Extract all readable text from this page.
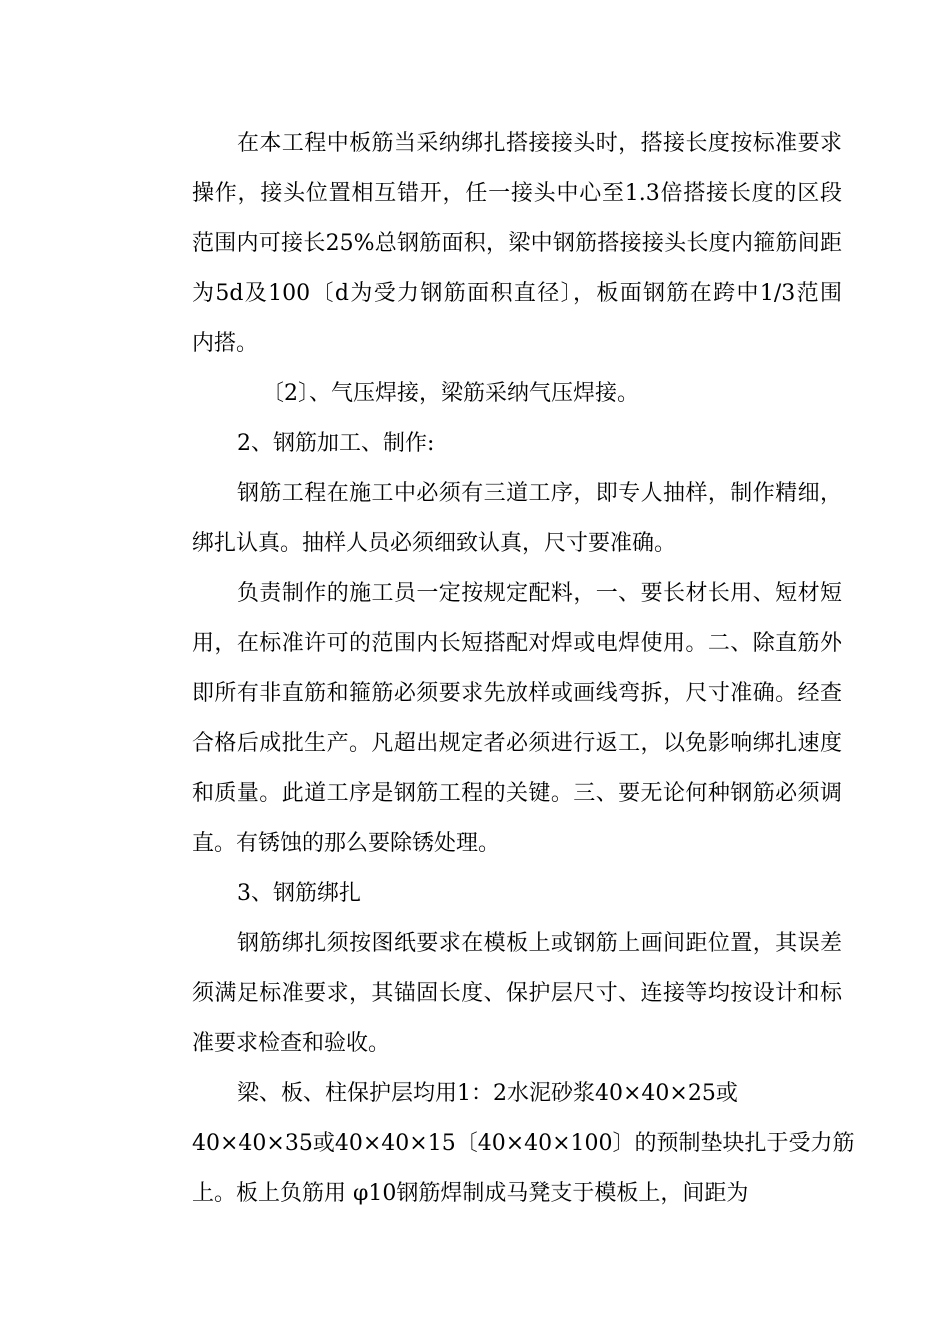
在本工程中板筋当采纳绑扎搭接接头时，搭接长度按标准要求
操作，接头位置相互错开，任一接头中心至1.3倍搭接长度的区段
范围内可接长25%总钢筋面积，梁中钢筋搭接接头长度内箍筋间距
为5d及100〔d为受力钢筋面积直径〕，板面钢筋在跨中1/3范围
内搭。
〔2〕、气压焊接，梁筋采纳气压焊接。
2、钢筋加工、制作:
钢筋工程在施工中必须有三道工序，即专人抽样，制作精细，
绑扎认真。抽样人员必须细致认真，尺寸要准确。
负责制作的施工员一定按规定配料，一、要长材长用、短材短
用，在标准许可的范围内长短搭配对焊或电焊使用。二、除直筋外
即所有非直筋和箍筋必须要求先放样或画线弯拆，尺寸准确。经查
合格后成批生产。凡超出规定者必须进行返工，以免影响绑扎速度
和质量。此道工序是钢筋工程的关键。三、要无论何种钢筋必须调
直。有锈蚀的那么要除锈处理。
3、钢筋绑扎
钢筋绑扎须按图纸要求在模板上或钢筋上画间距位置，其误差
须满足标准要求，其锚固长度、保护层尺寸、连接等均按设计和标
准要求检查和验收。
梁、板、柱保护层均用1：2水泥砂浆40×40×25或
40×40×35或40×40×15〔40×40×100〕的预制垫块扎于受力筋
上。板上负筋用 φ10钢筋焊制成马凳支于模板上，间距为
